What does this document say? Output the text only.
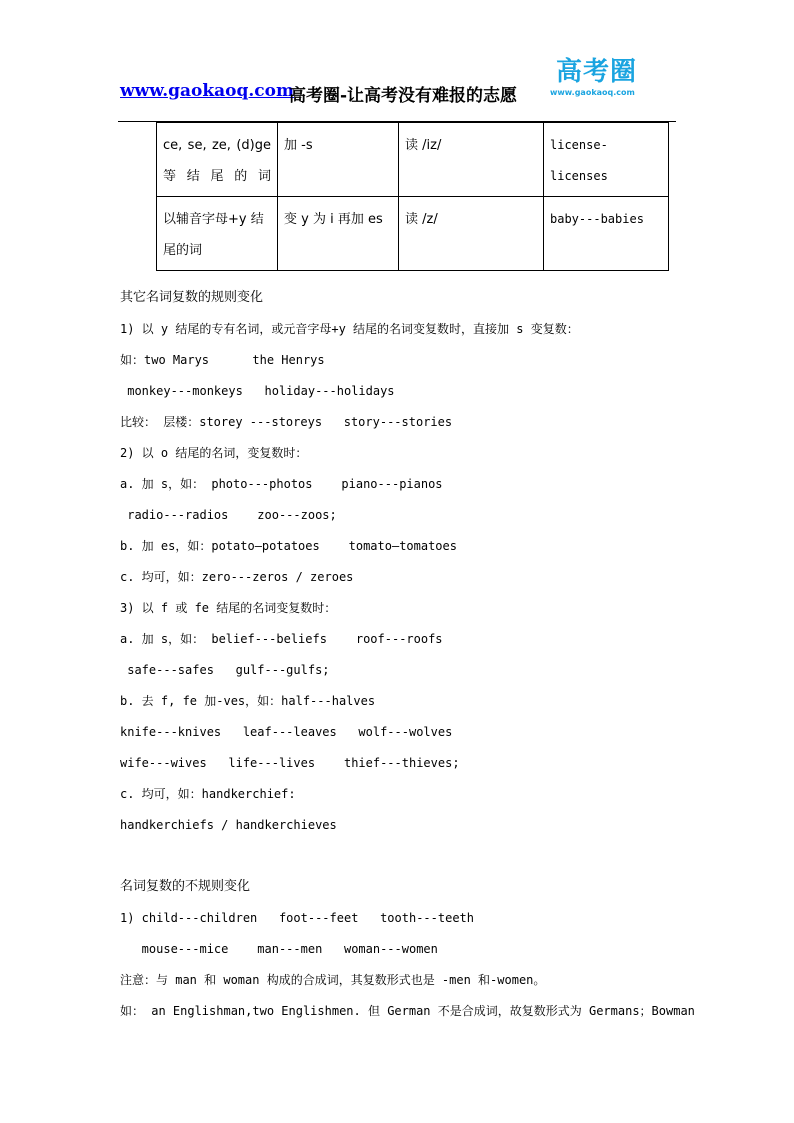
www.gaokaoq.com
高考圈-让高考没有难报的志愿
高考圈
www.gaokaoq.com
ce, se, ze, (d)ge 等结尾的词	加 -s	读 /iz/	license-licenses
以辅音字母+y 结尾的词	变 y 为 i 再加 es	读 /z/	baby---babies
其它名词复数的规则变化
1) 以 y 结尾的专有名词，或元音字母+y 结尾的名词变复数时，直接加 s 变复数：
如：two Marys      the Henrys
monkey---monkeys   holiday---holidays
比较： 层楼：storey ---storeys   story---stories
2) 以 o 结尾的名词，变复数时：
a. 加 s，如： photo---photos    piano---pianos
radio---radios    zoo---zoos;
b. 加 es，如：potato—potatoes    tomato—tomatoes
c. 均可，如：zero---zeros / zeroes
3) 以 f 或 fe 结尾的名词变复数时：
a. 加 s，如： belief---beliefs    roof---roofs
safe---safes   gulf---gulfs;
b. 去 f, fe 加-ves，如：half---halves
knife---knives   leaf---leaves   wolf---wolves
wife---wives   life---lives    thief---thieves;
c. 均可，如：handkerchief:
handkerchiefs / handkerchieves
名词复数的不规则变化
1) child---children   foot---feet   tooth---teeth
mouse---mice    man---men   woman---women
注意：与 man 和 woman 构成的合成词，其复数形式也是 -men 和-women。
如： an Englishman,two Englishmen. 但 German 不是合成词，故复数形式为 Germans；Bowman
